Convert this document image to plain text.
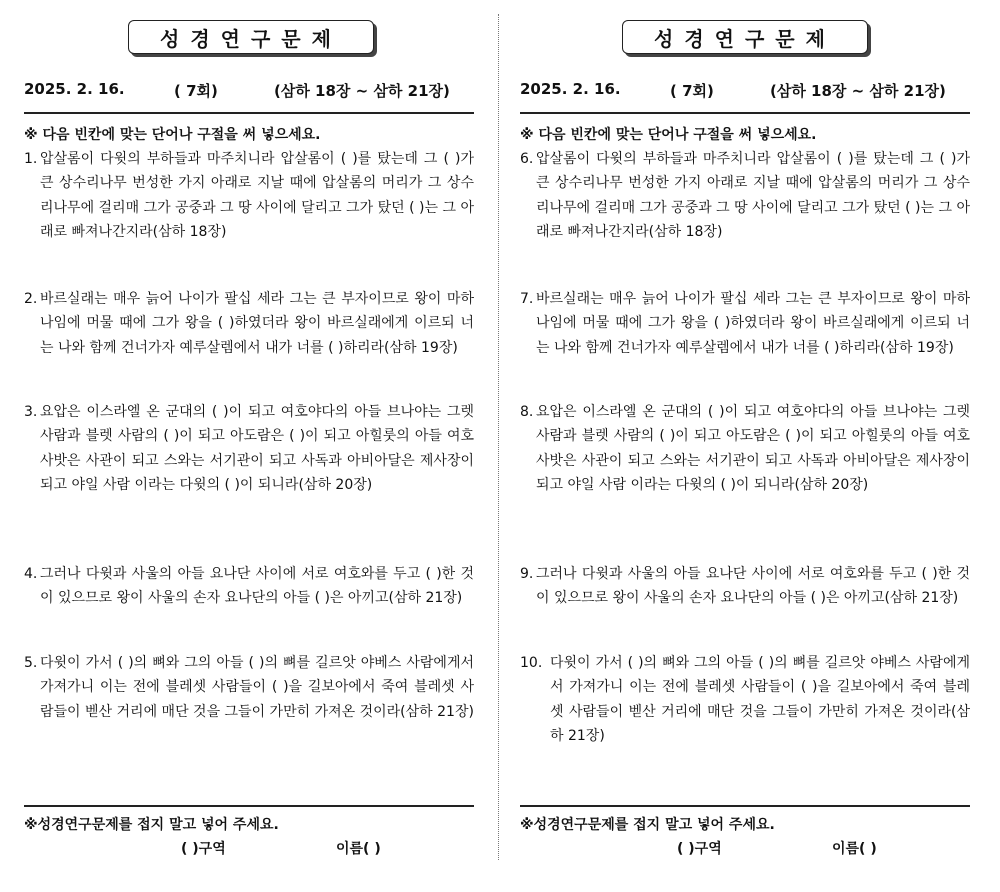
성경연구문제
2025. 2. 16.	( 7회)	(삼하 18장 ~ 삼하 21장)
※ 다음 빈칸에 맞는 단어나 구절을 써 넣으세요.
1. 압살롬이 다윗의 부하들과 마주치니라 압살롬이 ( )를 탔는데 그 ( )가 큰 상수리나무 번성한 가지 아래로 지날 때에 압살롬의 머리가 그 상수리나무에 걸리매 그가 공중과 그 땅 사이에 달리고 그가 탔던 ( )는 그 아래로 빠져나간지라(삼하 18장)
2. 바르실래는 매우 늙어 나이가 팔십 세라 그는 큰 부자이므로 왕이 마하나임에 머물 때에 그가 왕을 ( )하였더라 왕이 바르실래에게 이르되 너는 나와 함께 건너가자 예루살렘에서 내가 너를 ( )하리라(삼하 19장)
3. 요압은 이스라엘 온 군대의 ( )이 되고 여호야다의 아들 브나야는 그렛 사람과 블렛 사람의 ( )이 되고 아도람은 ( )이 되고 아힐룻의 아들 여호사밧은 사관이 되고 스와는 서기관이 되고 사독과 아비아달은 제사장이 되고 야일 사람 이라는 다윗의 ( )이 되니라(삼하 20장)
4. 그러나 다윗과 사울의 아들 요나단 사이에 서로 여호와를 두고 ( )한 것이 있으므로 왕이 사울의 손자 요나단의 아들 ( )은 아끼고(삼하 21장)
5. 다윗이 가서 ( )의 뼈와 그의 아들 ( )의 뼈를 길르앗 야베스 사람에게서 가져가니 이는 전에 블레셋 사람들이 ( )을 길보아에서 죽여 블레셋 사람들이 벧산 거리에 매단 것을 그들이 가만히 가져온 것이라(삼하 21장)
※성경연구문제를 접지 말고 넣어 주세요.
( )구역	이름( )
성경연구문제
2025. 2. 16.	( 7회)	(삼하 18장 ~ 삼하 21장)
※ 다음 빈칸에 맞는 단어나 구절을 써 넣으세요.
6. 압살롬이 다윗의 부하들과 마주치니라 압살롬이 ( )를 탔는데 그 ( )가 큰 상수리나무 번성한 가지 아래로 지날 때에 압살롬의 머리가 그 상수리나무에 걸리매 그가 공중과 그 땅 사이에 달리고 그가 탔던 ( )는 그 아래로 빠져나간지라(삼하 18장)
7. 바르실래는 매우 늙어 나이가 팔십 세라 그는 큰 부자이므로 왕이 마하나임에 머물 때에 그가 왕을 ( )하였더라 왕이 바르실래에게 이르되 너는 나와 함께 건너가자 예루살렘에서 내가 너를 ( )하리라(삼하 19장)
8. 요압은 이스라엘 온 군대의 ( )이 되고 여호야다의 아들 브나야는 그렛 사람과 블렛 사람의 ( )이 되고 아도람은 ( )이 되고 아힐룻의 아들 여호사밧은 사관이 되고 스와는 서기관이 되고 사독과 아비아달은 제사장이 되고 야일 사람 이라는 다윗의 ( )이 되니라(삼하 20장)
9. 그러나 다윗과 사울의 아들 요나단 사이에 서로 여호와를 두고 ( )한 것이 있으므로 왕이 사울의 손자 요나단의 아들 ( )은 아끼고(삼하 21장)
10. 다윗이 가서 ( )의 뼈와 그의 아들 ( )의 뼈를 길르앗 야베스 사람에게서 가져가니 이는 전에 블레셋 사람들이 ( )을 길보아에서 죽여 블레셋 사람들이 벧산 거리에 매단 것을 그들이 가만히 가져온 것이라(삼하 21장)
※성경연구문제를 접지 말고 넣어 주세요.
( )구역	이름( )
